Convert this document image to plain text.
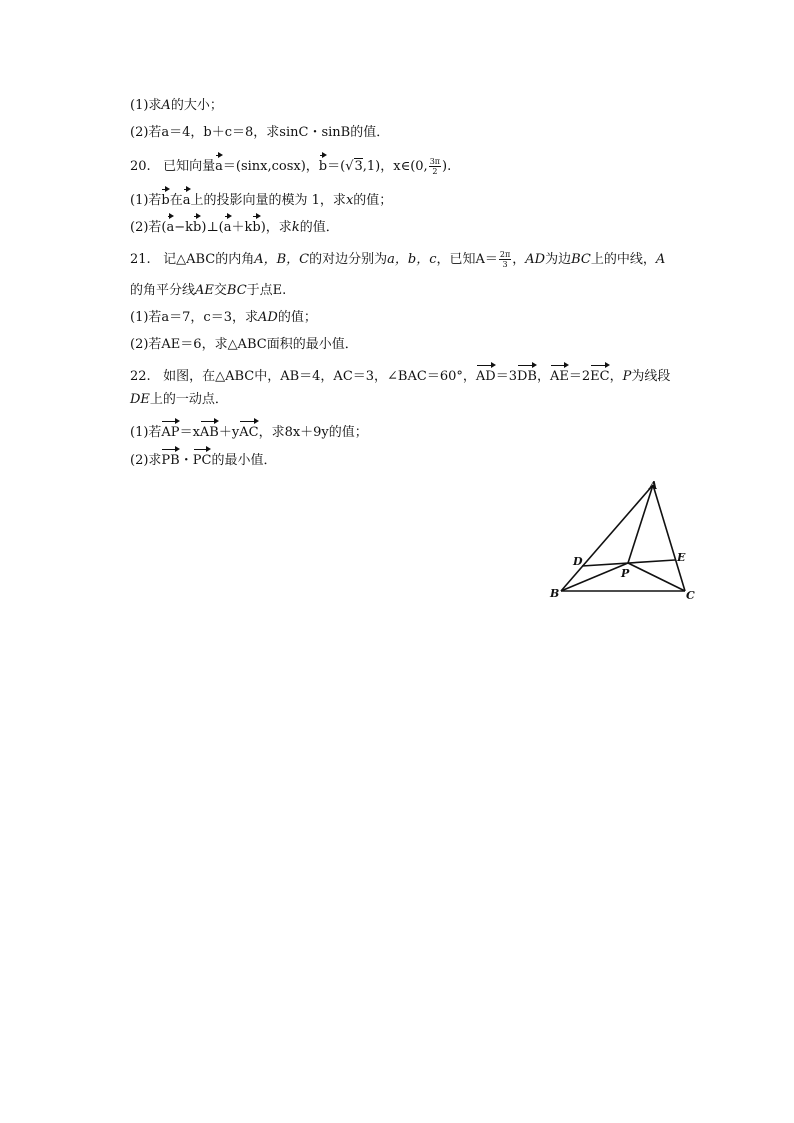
(1)求A的大小；
(2)若a＝4，b＋c＝8，求sinC・sinB的值．
20. 已知向量a＝(sinx,cosx)，b＝(√3,1)，x∈(0, $\frac{3\pi}{2}$ ).
(1)若b在a上的投影向量的模为 1，求x的值；
(2)若(a−kb)⊥(a＋kb)，求k的值．
21. 记△ABC的内角A，B，C的对边分别为a，b，c，已知$A= \frac{2\pi}{3}$ ，AD为边BC上的中线，A
的角平分线AE交BC于点E.
(1)若a＝7，c＝3，求AD的值；
(2)若AE＝6，求△ABC面积的最小值．
22. 如图，在△ABC中，AB＝4，AC＝3，∠BAC＝60°，AD＝3DB，AE＝2EC，P为线段
DE上的一动点．
(1)若AP＝xAB＋yAC，求8x＋9y的值；
(2)求PB・PC的最小值．
A
B	C
D	E
P
